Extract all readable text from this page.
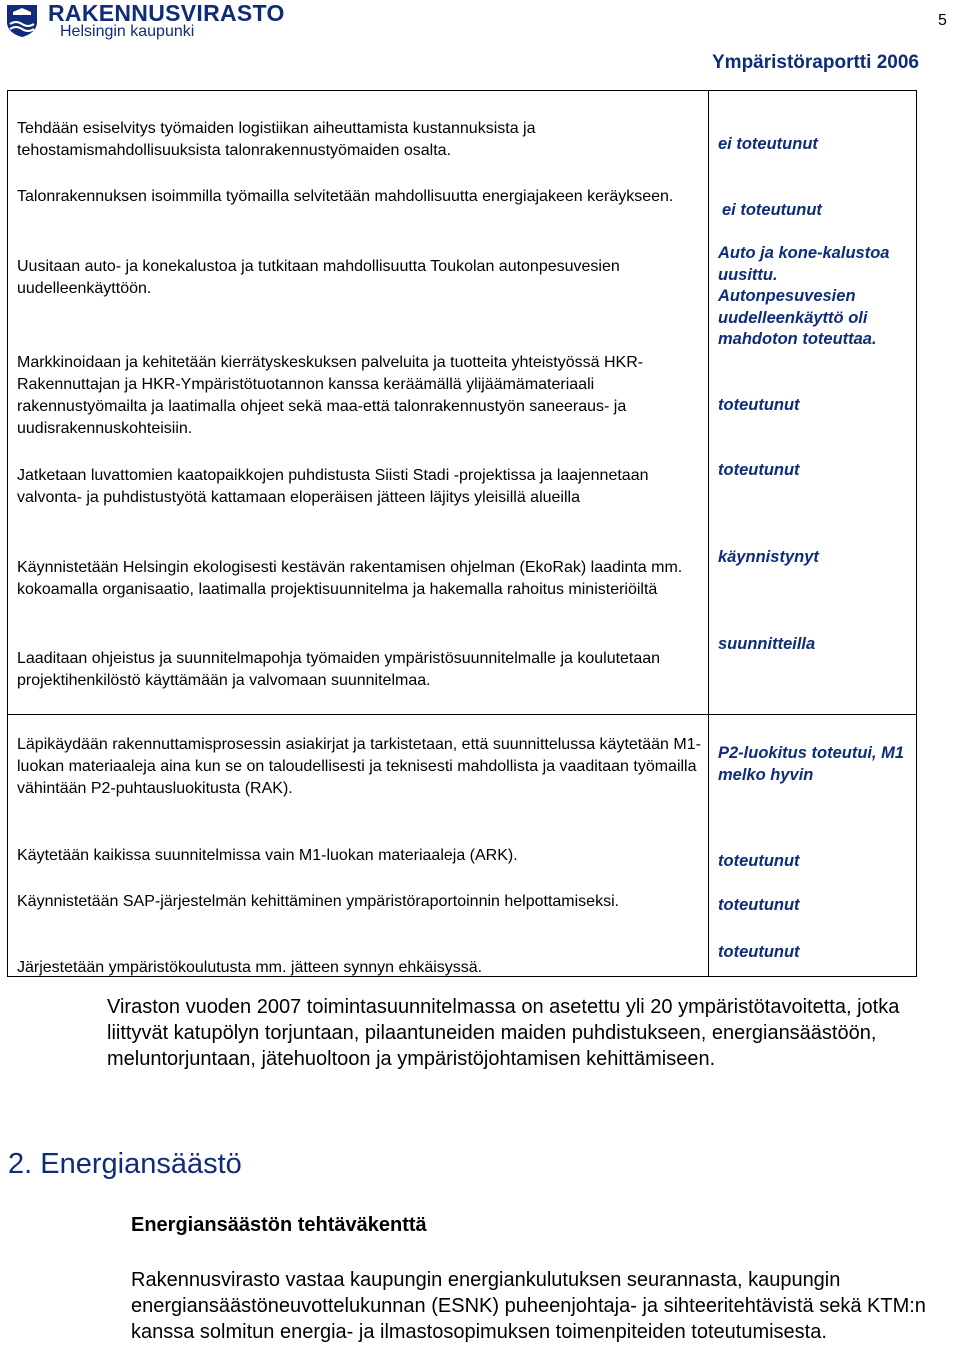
RAKENNUSVIRASTO
Helsingin kaupunki
5
Ympäristöraportti 2006
Tehdään esiselvitys työmaiden logistiikan aiheuttamista kustannuksista ja tehostamismahdollisuuksista talonrakennustyömaiden osalta.
Talonrakennuksen isoimmilla työmailla selvitetään mahdollisuutta energiajakeen keräykseen.
Uusitaan auto- ja konekalustoa ja tutkitaan mahdollisuutta Toukolan autonpesuvesien uudelleenkäyttöön.
Markkinoidaan ja kehitetään kierrätyskeskuksen palveluita ja tuotteita yhteistyössä HKR-Rakennuttajan ja HKR-Ympäristötuotannon kanssa keräämällä ylijäämämateriaali rakennustyömailta ja laatimalla ohjeet sekä maa-että talonrakennustyön saneeraus- ja uudisrakennuskohteisiin.
Jatketaan luvattomien kaatopaikkojen puhdistusta Siisti Stadi -projektissa ja laajennetaan valvonta- ja puhdistustyötä kattamaan eloperäisen jätteen läjitys yleisillä alueilla
Käynnistetään Helsingin ekologisesti kestävän rakentamisen ohjelman (EkoRak) laadinta mm. kokoamalla organisaatio, laatimalla projektisuunnitelma ja hakemalla rahoitus ministeriöiltä
Laaditaan ohjeistus ja suunnitelmapohja työmaiden ympäristösuunnitelmalle ja koulutetaan projektihenkilöstö käyttämään ja valvomaan suunnitelmaa.
Läpikäydään rakennuttamisprosessin asiakirjat ja tarkistetaan, että suunnittelussa käytetään M1-luokan materiaaleja aina kun se on taloudellisesti ja teknisesti mahdollista ja vaaditaan työmailla vähintään P2-puhtausluokitusta (RAK).
Käytetään kaikissa suunnitelmissa vain M1-luokan materiaaleja (ARK).
Käynnistetään SAP-järjestelmän kehittäminen ympäristöraportoinnin helpottamiseksi.
Järjestetään ympäristökoulutusta mm. jätteen synnyn ehkäisyssä.
ei toteutunut
ei toteutunut
Auto ja kone-kalustoa uusittu. Autonpesuvesien uudelleenkäyttö oli mahdoton toteuttaa.
toteutunut
toteutunut
käynnistynyt
suunnitteilla
P2-luokitus toteutui, M1 melko hyvin
toteutunut
toteutunut
toteutunut
Viraston vuoden 2007 toimintasuunnitelmassa on asetettu yli 20 ympäristötavoitetta, jotka liittyvät katupölyn torjuntaan, pilaantuneiden maiden puhdistukseen, energiansäästöön, meluntorjuntaan, jätehuoltoon ja ympäristöjohtamisen kehittämiseen.
2. Energiansäästö
Energiansäästön tehtäväkenttä
Rakennusvirasto vastaa kaupungin energiankulutuksen seurannasta, kaupungin energiansäästöneuvottelukunnan (ESNK) puheenjohtaja- ja sihteeritehtävistä sekä KTM:n kanssa solmitun energia- ja ilmastosopimuksen toimenpiteiden toteutumisesta.
